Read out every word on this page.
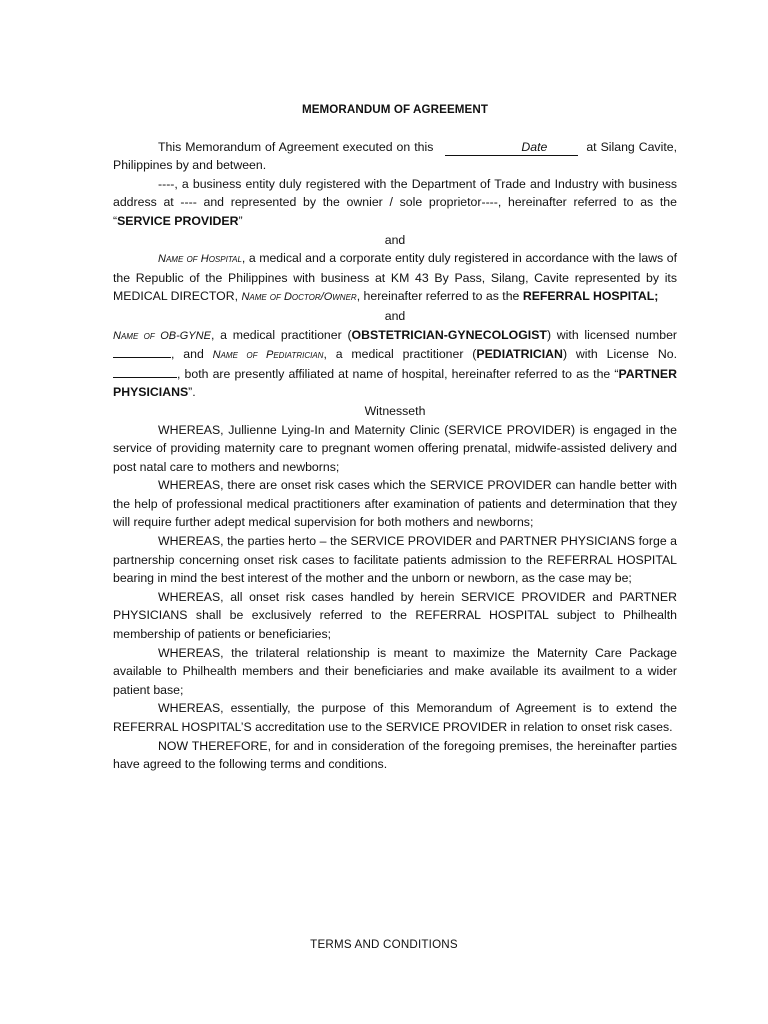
MEMORANDUM OF AGREEMENT

This Memorandum of Agreement executed on this	Date	at Silang Cavite, Philippines by and between.

----, a business entity duly registered with the Department of Trade and Industry with business address at ---- and represented by the ownier / sole proprietor----, hereinafter referred to as the “SERVICE PROVIDER”

and

Name of Hospital, a medical and a corporate entity duly registered in accordance with the laws of the Republic of the Philippines with business at KM 43 By Pass, Silang, Cavite represented by its MEDICAL DIRECTOR, Name of Doctor/Owner, hereinafter referred to as the REFERRAL HOSPITAL;

and

Name of OB-GYNE, a medical practitioner (OBSTETRICIAN-GYNECOLOGIST) with licensed number, and Name of Pediatrician, a medical practitioner (PEDIATRICIAN) with License No. , both are presently affiliated at name of hospital, hereinafter referred to as the “PARTNER PHYSICIANS”.

Witnesseth

WHEREAS, Jullienne Lying-In and Maternity Clinic (SERVICE PROVIDER) is engaged in the service of providing maternity care to pregnant women offering prenatal, midwife-assisted delivery and post natal care to mothers and newborns;

WHEREAS, there are onset risk cases which the SERVICE PROVIDER can handle better with the help of professional medical practitioners after examination of patients and determination that they will require further adept medical supervision for both mothers and newborns;

WHEREAS, the parties herto – the SERVICE PROVIDER and PARTNER PHYSICIANS forge a partnership concerning onset risk cases to facilitate patients admission to the REFERRAL HOSPITAL bearing in mind the best interest of the mother and the unborn or newborn, as the case may be;

WHEREAS, all onset risk cases handled by herein SERVICE PROVIDER and PARTNER PHYSICIANS shall be exclusively referred to the REFERRAL HOSPITAL subject to Philhealth membership of patients or beneficiaries;

WHEREAS, the trilateral relationship is meant to maximize the Maternity Care Package available to Philhealth members and their beneficiaries and make available its availment to a wider patient base;

WHEREAS, essentially, the purpose of this Memorandum of Agreement is to extend the REFERRAL HOSPITAL’S accreditation use to the SERVICE PROVIDER in relation to onset risk cases.

NOW THEREFORE, for and in consideration of the foregoing premises, the hereinafter parties have agreed to the following terms and conditions.

TERMS AND CONDITIONS
